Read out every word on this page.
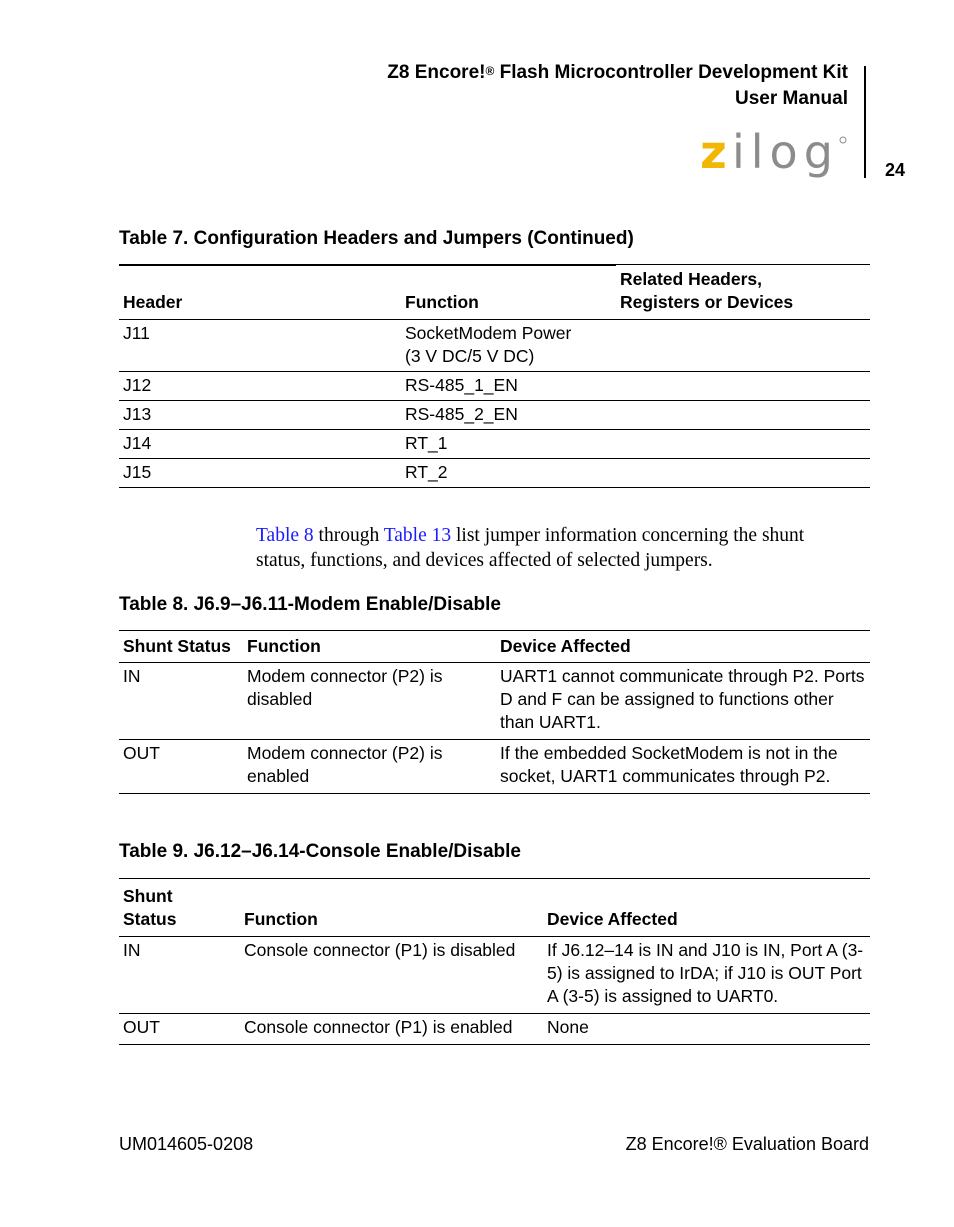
Z8 Encore!® Flash Microcontroller Development Kit
User Manual
z ilog	24
Table 7. Configuration Headers and Jumpers (Continued)
Header	Function	Related Headers,
Registers or Devices

J11	SocketModem Power
(3 V DC/5 V DC)	

J12	RS-485_1_EN	
J13	RS-485_2_EN	
J14	RT_1	
J15	RT_2	
Table 8 through Table 13 list jumper information concerning the shunt status, functions, and devices affected of selected jumpers.
Table 8. J6.9–J6.11-Modem Enable/Disable
Shunt Status	Function	Device Affected
IN	Modem connector (P2) is disabled	UART1 cannot communicate through P2. Ports D and F can be assigned to functions other than UART1.
OUT	Modem connector (P2) is enabled	If the embedded SocketModem is not in the socket, UART1 communicates through P2.
Table 9. J6.12–J6.14-Console Enable/Disable
Shunt
Status	Function	Device Affected
IN	Console connector (P1) is disabled	If J6.12–14 is IN and J10 is IN, Port A (3-5) is assigned to IrDA; if J10 is OUT Port A (3-5) is assigned to UART0.
OUT	Console connector (P1) is enabled	None
UM014605-0208	Z8 Encore!® Evaluation Board
